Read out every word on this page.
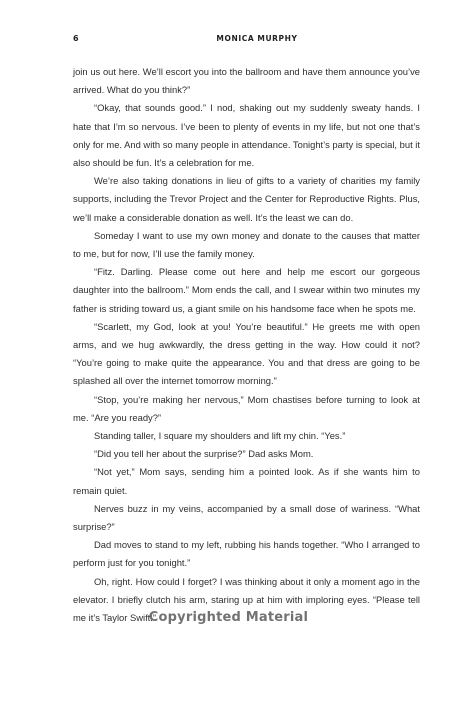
6	MONICA MURPHY

join us out here. We’ll escort you into the ballroom and have them announce you’ve arrived. What do you think?”

“Okay, that sounds good.” I nod, shaking out my suddenly sweaty hands. I hate that I’m so nervous. I’ve been to plenty of events in my life, but not one that’s only for me. And with so many people in attendance. Tonight’s party is special, but it also should be fun. It’s a celebration for me.

We’re also taking donations in lieu of gifts to a variety of charities my family supports, including the Trevor Project and the Center for Reproductive Rights. Plus, we’ll make a considerable donation as well. It’s the least we can do.

Someday I want to use my own money and donate to the causes that matter to me, but for now, I’ll use the family money.

“Fitz. Darling. Please come out here and help me escort our gorgeous daughter into the ballroom.” Mom ends the call, and I swear within two minutes my father is striding toward us, a giant smile on his handsome face when he spots me.

“Scarlett, my God, look at you! You’re beautiful.” He greets me with open arms, and we hug awkwardly, the dress getting in the way. How could it not? “You’re going to make quite the appearance. You and that dress are going to be splashed all over the internet tomorrow morning.”

“Stop, you’re making her nervous,” Mom chastises before turning to look at me. “Are you ready?”

Standing taller, I square my shoulders and lift my chin. “Yes.”

“Did you tell her about the surprise?” Dad asks Mom.

“Not yet,” Mom says, sending him a pointed look. As if she wants him to remain quiet.

Nerves buzz in my veins, accompanied by a small dose of wariness. “What surprise?”

Dad moves to stand to my left, rubbing his hands together. “Who I arranged to perform just for you tonight.”

Oh, right. How could I forget? I was thinking about it only a moment ago in the elevator. I briefly clutch his arm, staring up at him with imploring eyes. “Please tell me it’s Taylor Swift.”

Copyrighted Material
